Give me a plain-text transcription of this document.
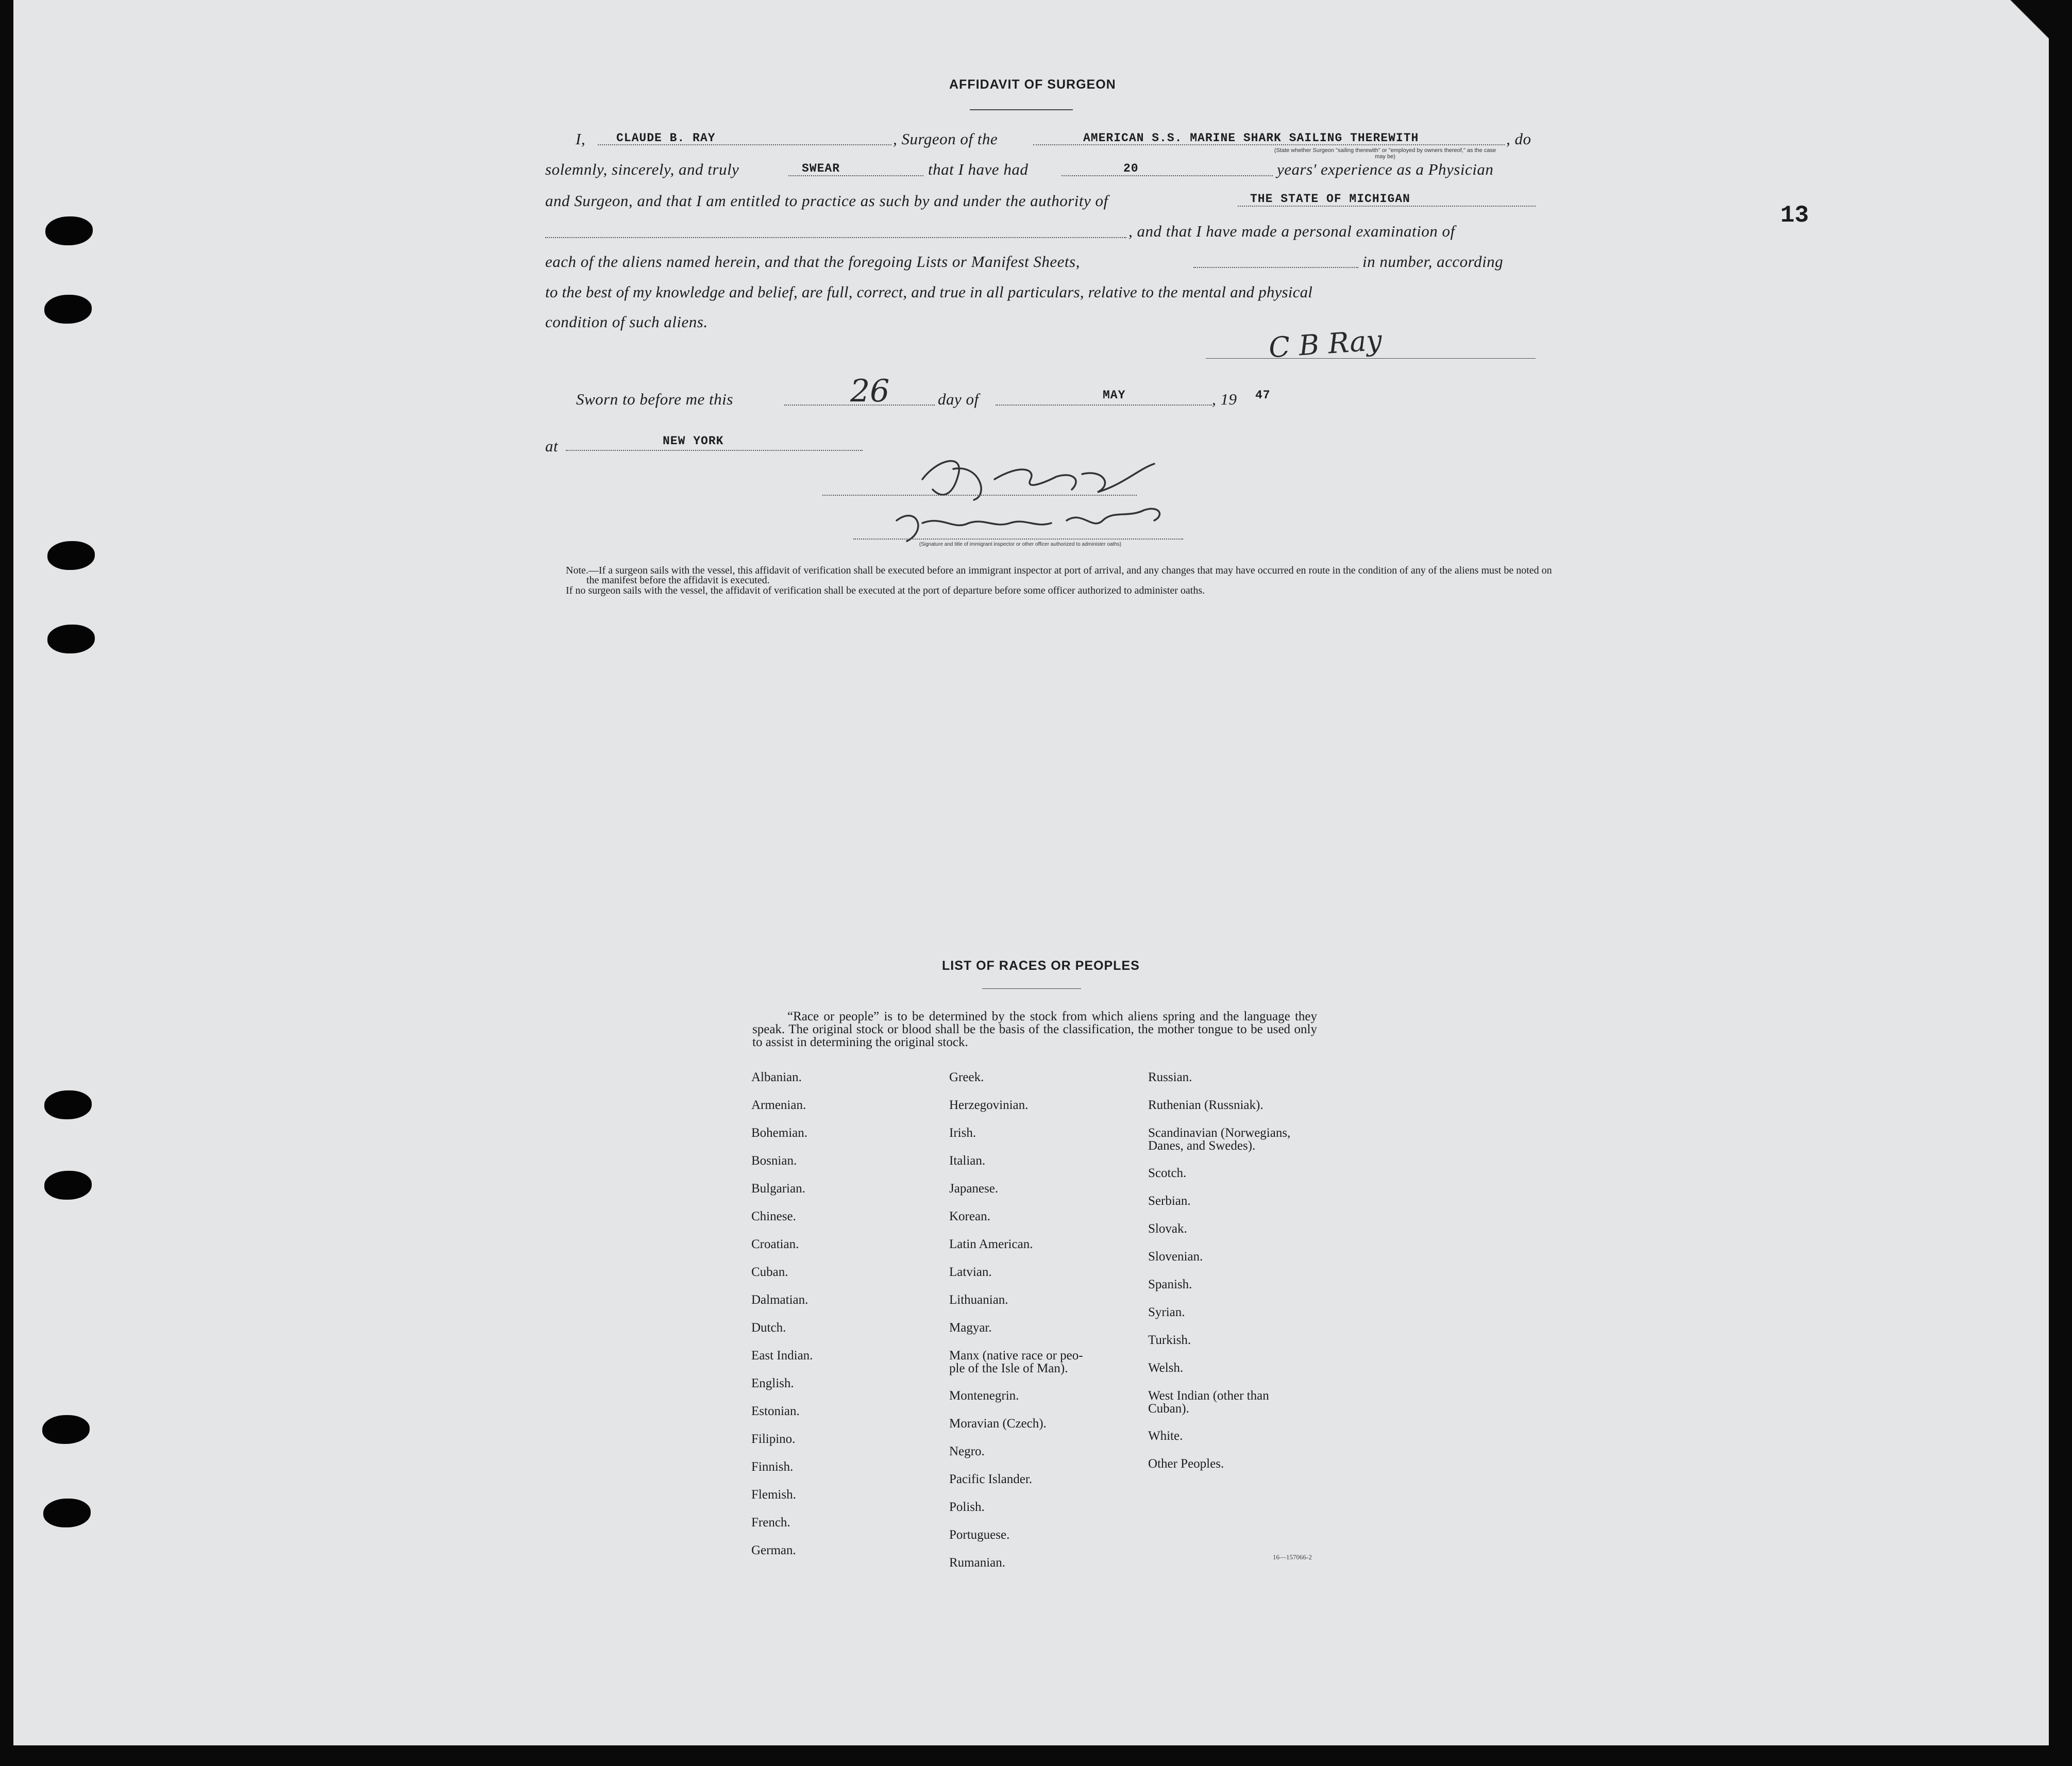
13
AFFIDAVIT OF SURGEON
I,	CLAUDE B. RAY	, Surgeon of the	AMERICAN S.S. MARINE SHARK SAILING THEREWITH	, do
(State whether Surgeon "sailing therewith" or "employed by owners thereof," as the case may be)
solemnly, sincerely, and truly	SWEAR	that I have had	20	years' experience as a Physician
and Surgeon, and that I am entitled to practice as such by and under the authority of	THE STATE OF MICHIGAN
, and that I have made a personal examination of
each of the aliens named herein, and that the foregoing Lists or Manifest Sheets,	in number, according
to the best of my knowledge and belief, are full, correct, and true in all particulars, relative to the mental and physical
condition of such aliens.
C B Ray
Sworn to before me this	26	day of	MAY	, 19 47
at	NEW YORK
(Signature and title of immigrant inspector or other officer authorized to administer oaths)
Note.—If a surgeon sails with the vessel, this affidavit of verification shall be executed before an immigrant inspector at port of arrival, and any changes that may have occurred en route in the condition of any of the aliens must be noted on the manifest before the affidavit is executed.
If no surgeon sails with the vessel, the affidavit of verification shall be executed at the port of departure before some officer authorized to administer oaths.
LIST OF RACES OR PEOPLES
“Race or people” is to be determined by the stock from which aliens spring and the language they speak. The original stock or blood shall be the basis of the classification, the mother tongue to be used only to assist in determining the original stock.
Albanian.
Armenian.
Bohemian.
Bosnian.
Bulgarian.
Chinese.
Croatian.
Cuban.
Dalmatian.
Dutch.
East Indian.
English.
Estonian.
Filipino.
Finnish.
Flemish.
French.
German.
Greek.
Herzegovinian.
Irish.
Italian.
Japanese.
Korean.
Latin American.
Latvian.
Lithuanian.
Magyar.
Manx (native race or peo-
ple of the Isle of Man).
Montenegrin.
Moravian (Czech).
Negro.
Pacific Islander.
Polish.
Portuguese.
Rumanian.
Russian.
Ruthenian (Russniak).
Scandinavian (Norwegians,
Danes, and Swedes).
Scotch.
Serbian.
Slovak.
Slovenian.
Spanish.
Syrian.
Turkish.
Welsh.
West Indian (other than
Cuban).
White.
Other Peoples.
16—157066-2
